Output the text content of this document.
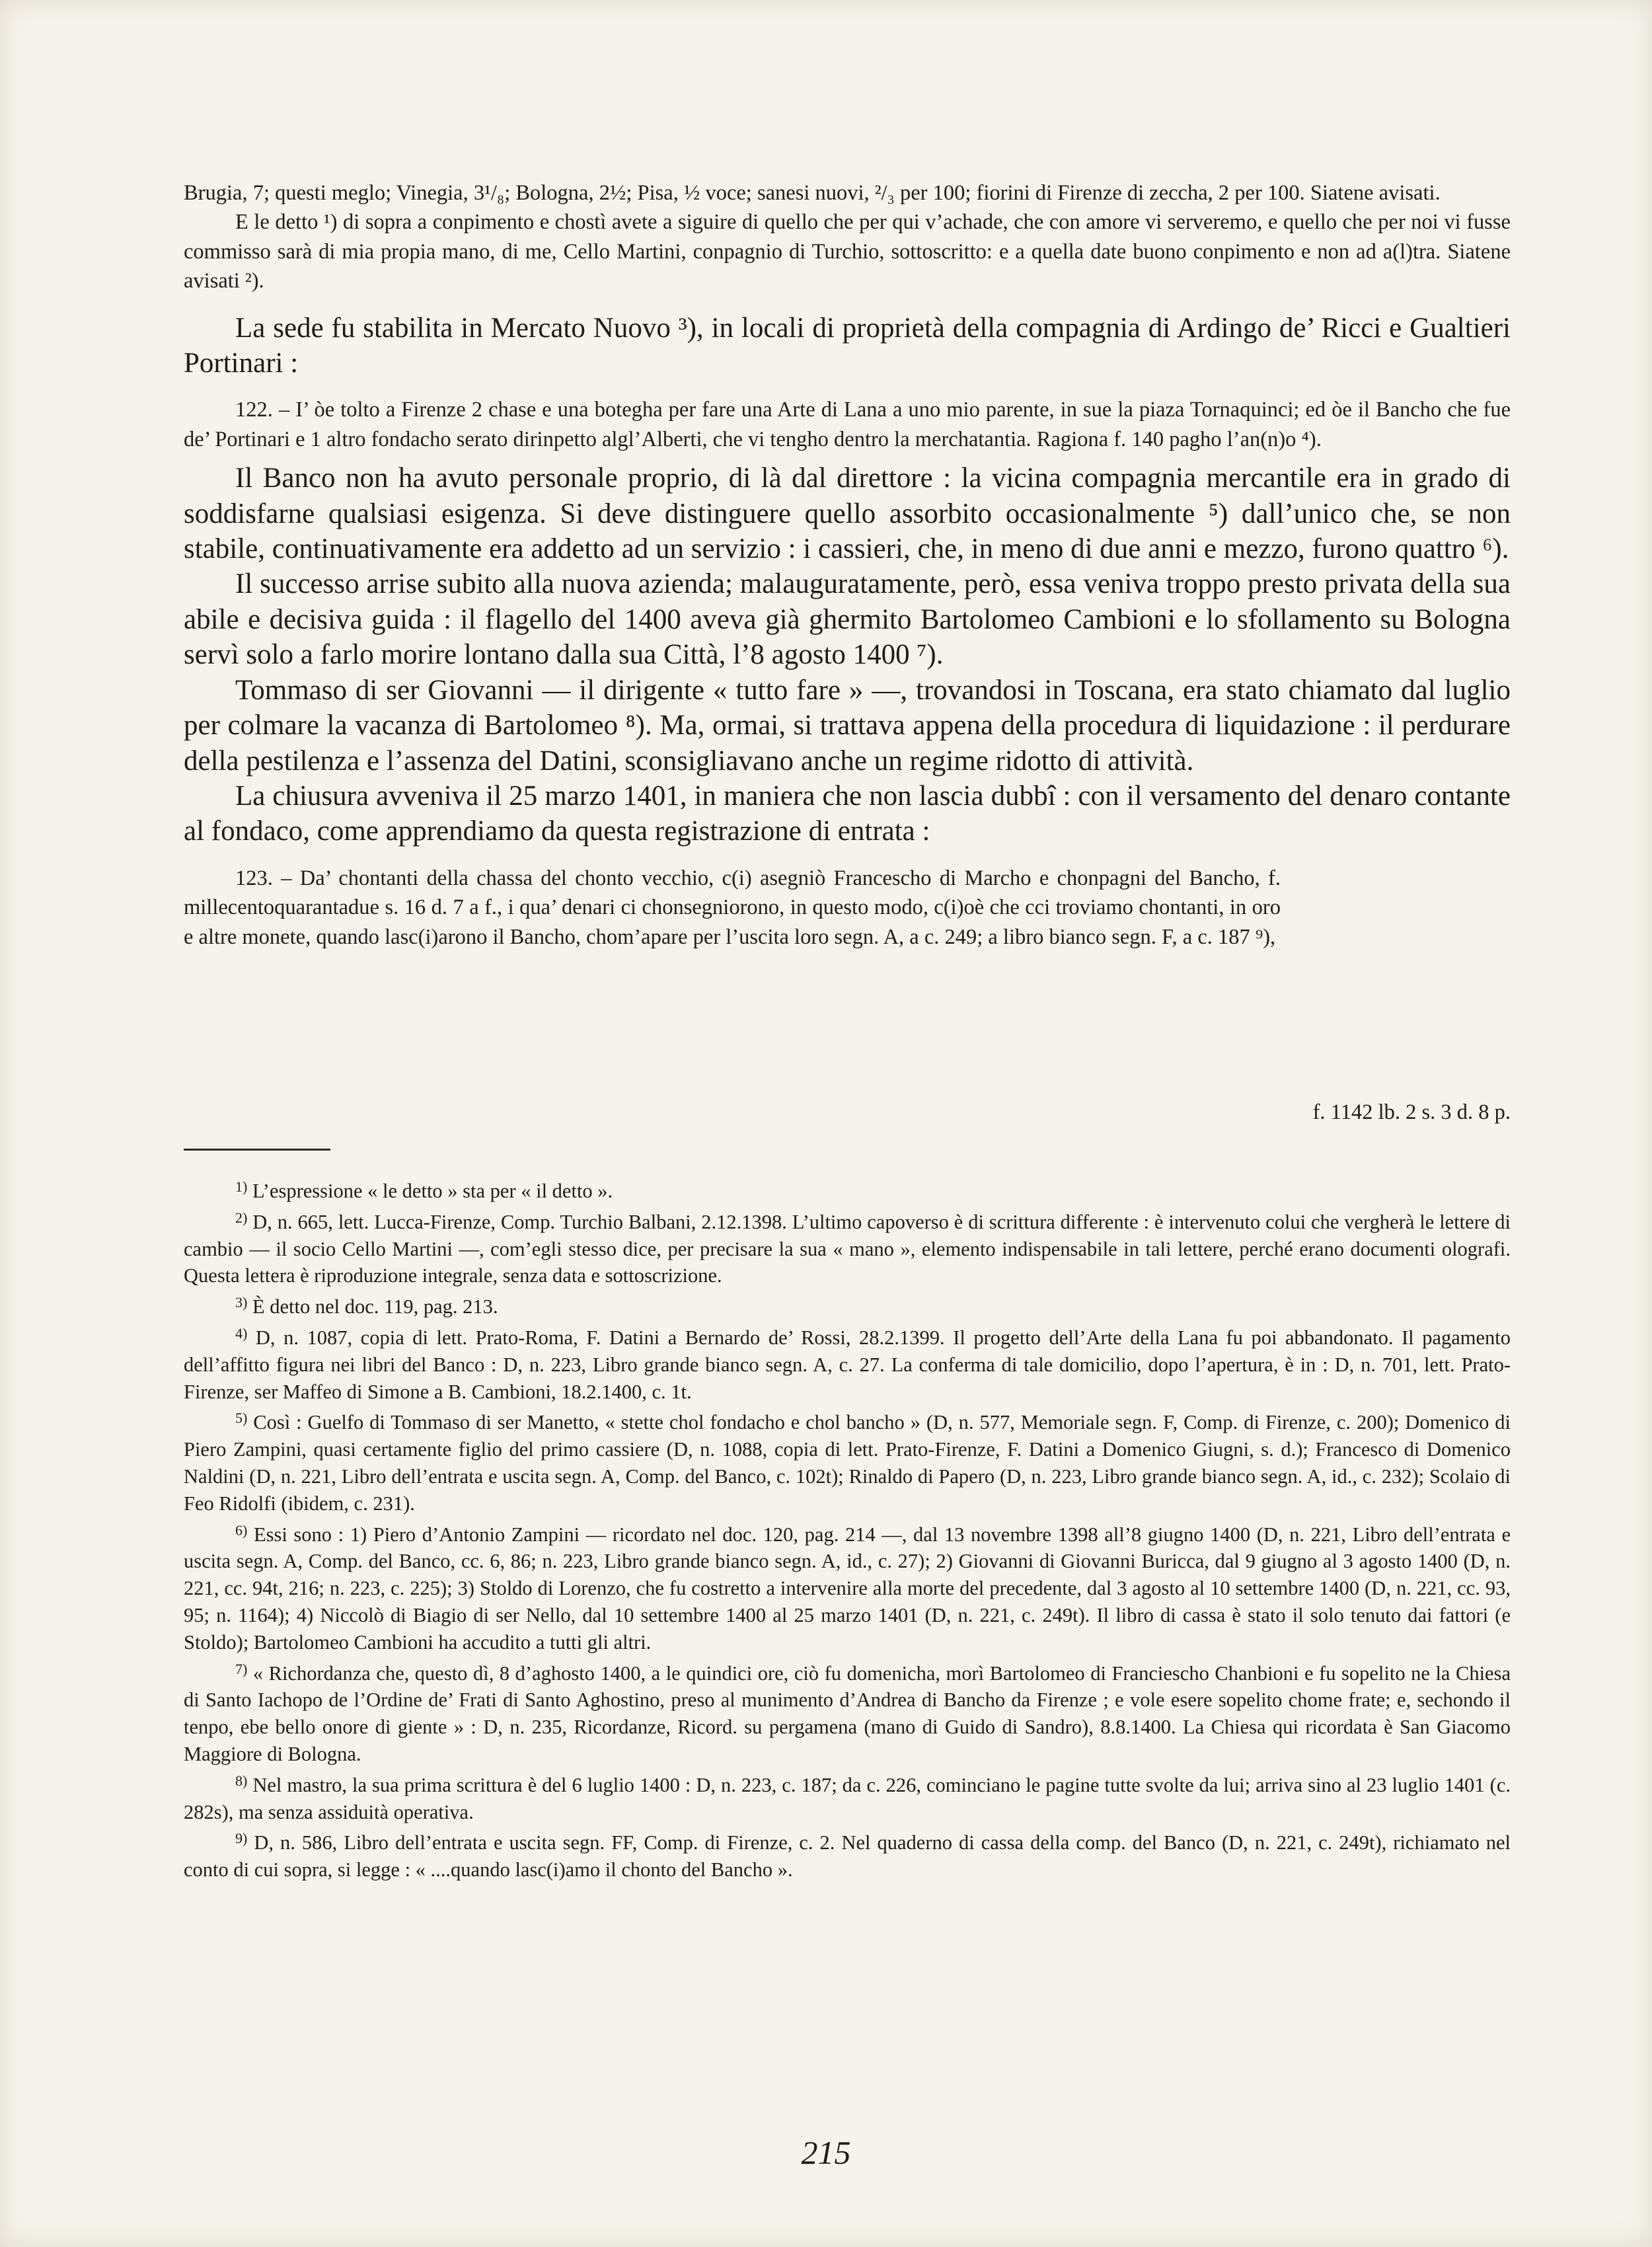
Brugia, 7; questi meglo; Vinegia, 3¹/₈; Bologna, 2½; Pisa, ½ voce; sanesi nuovi, ²/₃ per 100; fiorini di Firenze di zeccha, 2 per 100. Siatene avisati.

E le detto ¹) di sopra a conpimento e chostì avete a siguire di quello che per qui v’achade, che con amore vi serveremo, e quello che per noi vi fusse commisso sarà di mia propia mano, di me, Cello Martini, conpagnio di Turchio, sottoscritto: e a quella date buono conpimento e non ad a(l)tra. Siatene avisati ²).

La sede fu stabilita in Mercato Nuovo ³), in locali di proprietà della compagnia di Ardingo de’ Ricci e Gualtieri Portinari :

122. – I’ òe tolto a Firenze 2 chase e una botegha per fare una Arte di Lana a uno mio parente, in sue la piaza Tornaquinci; ed òe il Bancho che fue de’ Portinari e 1 altro fondacho serato dirinpetto algl’Alberti, che vi tengho dentro la merchatantia. Ragiona f. 140 pagho l’an(n)o ⁴).

Il Banco non ha avuto personale proprio, di là dal direttore : la vicina compagnia mercantile era in grado di soddisfarne qualsiasi esigenza. Si deve distinguere quello assorbito occasionalmente ⁵) dall’unico che, se non stabile, continuativamente era addetto ad un servizio : i cassieri, che, in meno di due anni e mezzo, furono quattro ⁶).

Il successo arrise subito alla nuova azienda; malauguratamente, però, essa veniva troppo presto privata della sua abile e decisiva guida : il flagello del 1400 aveva già ghermito Bartolomeo Cambioni e lo sfollamento su Bologna servì solo a farlo morire lontano dalla sua Città, l’8 agosto 1400 ⁷).

Tommaso di ser Giovanni — il dirigente « tutto fare » —, trovandosi in Toscana, era stato chiamato dal luglio per colmare la vacanza di Bartolomeo ⁸). Ma, ormai, si trattava appena della procedura di liquidazione : il perdurare della pestilenza e l’assenza del Datini, sconsigliavano anche un regime ridotto di attività.

La chiusura avveniva il 25 marzo 1401, in maniera che non lascia dubbî : con il versamento del denaro contante al fondaco, come apprendiamo da questa registrazione di entrata :

123. – Da’ chontanti della chassa del chonto vecchio, c(i) asegniò Francescho di Marcho e chonpagni del Bancho, f. millecentoquarantadue s. 16 d. 7 a f., i qua’ denari ci chonsegniorono, in questo modo, c(i)oè che cci troviamo chontanti, in oro e altre monete, quando lasc(i)arono il Bancho, chom’apare per l’uscita loro segn. A, a c. 249; a libro bianco segn. F, a c. 187 ⁹),

f. 1142 lb. 2 s. 3 d. 8 p.

$^{1)}$ L’espressione « le detto » sta per « il detto ».

$^{2)}$ D, n. 665, lett. Lucca-Firenze, Comp. Turchio Balbani, 2.12.1398. L’ultimo capoverso è di scrittura differente : è intervenuto colui che vergherà le lettere di cambio — il socio Cello Martini —, com’egli stesso dice, per precisare la sua « mano », elemento indispensabile in tali lettere, perché erano documenti olografi. Questa lettera è riproduzione integrale, senza data e sottoscrizione.

$^{3)}$ È detto nel doc. 119, pag. 213.

$^{4)}$ D, n. 1087, copia di lett. Prato-Roma, F. Datini a Bernardo de’ Rossi, 28.2.1399. Il progetto dell’Arte della Lana fu poi abbandonato. Il pagamento dell’affitto figura nei libri del Banco : D, n. 223, Libro grande bianco segn. A, c. 27. La conferma di tale domicilio, dopo l’apertura, è in : D, n. 701, lett. Prato-Firenze, ser Maffeo di Simone a B. Cambioni, 18.2.1400, c. 1t.

$^{5)}$ Così : Guelfo di Tommaso di ser Manetto, « stette chol fondacho e chol bancho » (D, n. 577, Memoriale segn. F, Comp. di Firenze, c. 200); Domenico di Piero Zampini, quasi certamente figlio del primo cassiere (D, n. 1088, copia di lett. Prato-Firenze, F. Datini a Domenico Giugni, s. d.); Francesco di Domenico Naldini (D, n. 221, Libro dell’entrata e uscita segn. A, Comp. del Banco, c. 102t); Rinaldo di Papero (D, n. 223, Libro grande bianco segn. A, id., c. 232); Scolaio di Feo Ridolfi (ibidem, c. 231).

$^{6)}$ Essi sono : 1) Piero d’Antonio Zampini — ricordato nel doc. 120, pag. 214 —, dal 13 novembre 1398 all’8 giugno 1400 (D, n. 221, Libro dell’entrata e uscita segn. A, Comp. del Banco, cc. 6, 86; n. 223, Libro grande bianco segn. A, id., c. 27); 2) Giovanni di Giovanni Buricca, dal 9 giugno al 3 agosto 1400 (D, n. 221, cc. 94t, 216; n. 223, c. 225); 3) Stoldo di Lorenzo, che fu costretto a intervenire alla morte del precedente, dal 3 agosto al 10 settembre 1400 (D, n. 221, cc. 93, 95; n. 1164); 4) Niccolò di Biagio di ser Nello, dal 10 settembre 1400 al 25 marzo 1401 (D, n. 221, c. 249t). Il libro di cassa è stato il solo tenuto dai fattori (e Stoldo); Bartolomeo Cambioni ha accudito a tutti gli altri.

$^{7)}$ « Richordanza che, questo dì, 8 d’aghosto 1400, a le quindici ore, ciò fu domenicha, morì Bartolomeo di Franciescho Chanbioni e fu sopelito ne la Chiesa di Santo Iachopo de l’Ordine de’ Frati di Santo Aghostino, preso al munimento d’Andrea di Bancho da Firenze ; e vole esere sopelito chome frate; e, sechondo il tenpo, ebe bello onore di giente » : D, n. 235, Ricordanze, Ricord. su pergamena (mano di Guido di Sandro), 8.8.1400. La Chiesa qui ricordata è San Giacomo Maggiore di Bologna.

$^{8)}$ Nel mastro, la sua prima scrittura è del 6 luglio 1400 : D, n. 223, c. 187; da c. 226, cominciano le pagine tutte svolte da lui; arriva sino al 23 luglio 1401 (c. 282s), ma senza assiduità operativa.

$^{9)}$ D, n. 586, Libro dell’entrata e uscita segn. FF, Comp. di Firenze, c. 2. Nel quaderno di cassa della comp. del Banco (D, n. 221, c. 249t), richiamato nel conto di cui sopra, si legge : « ....quando lasc(i)amo il chonto del Bancho ».

215
